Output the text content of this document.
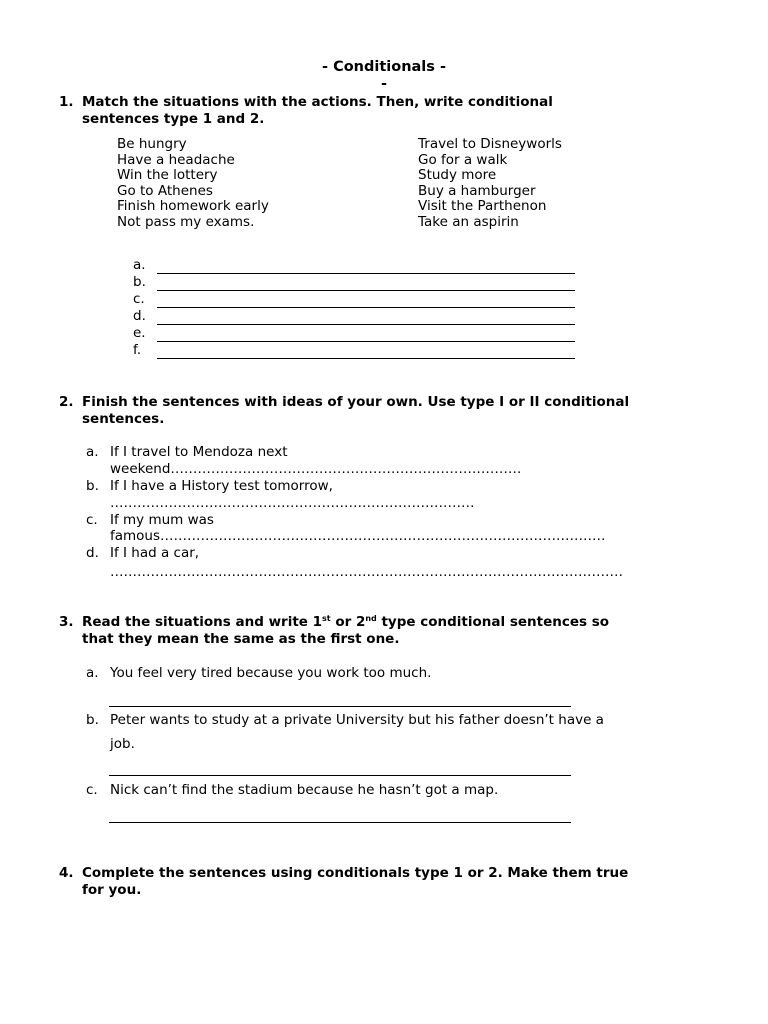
- Conditionals -
-
1. Match the situations with the actions. Then, write conditional
sentences type 1 and 2.
Be hungry
Have a headache
Win the lottery
Go to Athenes
Finish homework early
Not pass my exams.
Travel to Disneyworls
Go for a walk
Study more
Buy a hamburger
Visit the Parthenon
Take an aspirin
a.
b.
c.
d.
e.
f.
2. Finish the sentences with ideas of your own. Use type I or II conditional
sentences.
a. If I travel to Mendoza next
weekend……………………………………………………………………
b. If I have a History test tomorrow,
………………………………………………………………………
c. If my mum was
famous………………………………………………………………………………………
d. If I had a car,
……………………………………………………………………………………………………
3. Read the situations and write 1st or 2nd type conditional sentences so
that they mean the same as the first one.
a. You feel very tired because you work too much.
b. Peter wants to study at a private University but his father doesn’t have a
job.
c. Nick can’t find the stadium because he hasn’t got a map.
4. Complete the sentences using conditionals type 1 or 2. Make them true
for you.
